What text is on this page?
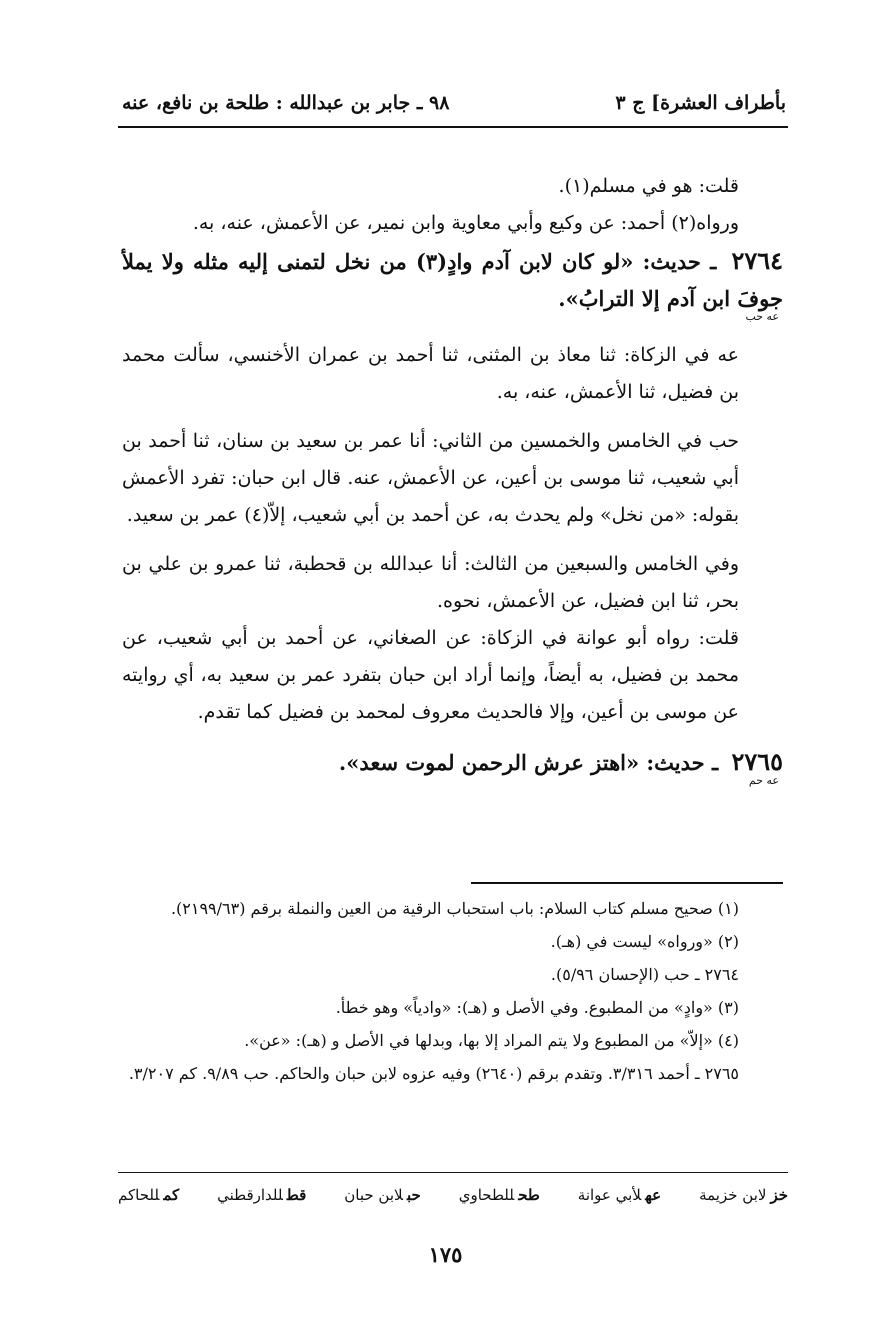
بأطراف العشرة] ج ٣
٩٨ ـ جابر بن عبدالله : طلحة بن نافع، عنه

قلت: هو في مسلم(١).

ورواه(٢) أحمد: عن وكيع وأبي معاوية وابن نمير، عن الأعمش، عنه، به.

٢٧٦٤ ـ حديث: «لو كان لابن آدم وادٍ(٣) من نخل لتمنى إليه مثله ولا يملأ جوفَ ابن آدم إلا الترابُ».

عه حب

عه في الزكاة: ثنا معاذ بن المثنى، ثنا أحمد بن عمران الأخنسي، سألت محمد بن فضيل، ثنا الأعمش، عنه، به.

حب في الخامس والخمسين من الثاني: أنا عمر بن سعيد بن سنان، ثنا أحمد بن أبي شعيب، ثنا موسى بن أعين، عن الأعمش، عنه. قال ابن حبان: تفرد الأعمش بقوله: «من نخل» ولم يحدث به، عن أحمد بن أبي شعيب، إلاّ(٤) عمر بن سعيد.

وفي الخامس والسبعين من الثالث: أنا عبدالله بن قحطبة، ثنا عمرو بن علي بن بحر، ثنا ابن فضيل، عن الأعمش، نحوه.

قلت: رواه أبو عوانة في الزكاة: عن الصغاني، عن أحمد بن أبي شعيب، عن محمد بن فضيل، به أيضاً، وإنما أراد ابن حبان بتفرد عمر بن سعيد به، أي روايته عن موسى بن أعين، وإلا فالحديث معروف لمحمد بن فضيل كما تقدم.

٢٧٦٥ ـ حديث: «اهتز عرش الرحمن لموت سعد».

عه حم

(١) صحيح مسلم كتاب السلام: باب استحباب الرقية من العين والنملة برقم (٢١٩٩/٦٣).

(٢) «ورواه» ليست في (هـ).

٢٧٦٤ ـ حب (الإحسان ٥/٩٦).

(٣) «وادٍ» من المطبوع. وفي الأصل و (هـ): «وادياً» وهو خطأ.

(٤) «إلاّ» من المطبوع ولا يتم المراد إلا بها، وبدلها في الأصل و (هـ): «عن».

٢٧٦٥ ـ أحمد ٣/٣١٦. وتقدم برقم (٢٦٤٠) وفيه عزوه لابن حبان والحاكم. حب ٩/٨٩. كم ٣/٢٠٧.

خزلابن خزيمة
عهلأبي عوانة
طحللطحاوي
حبلابن حبان
قطللدارقطني
كمللحاكم
١٧٥
